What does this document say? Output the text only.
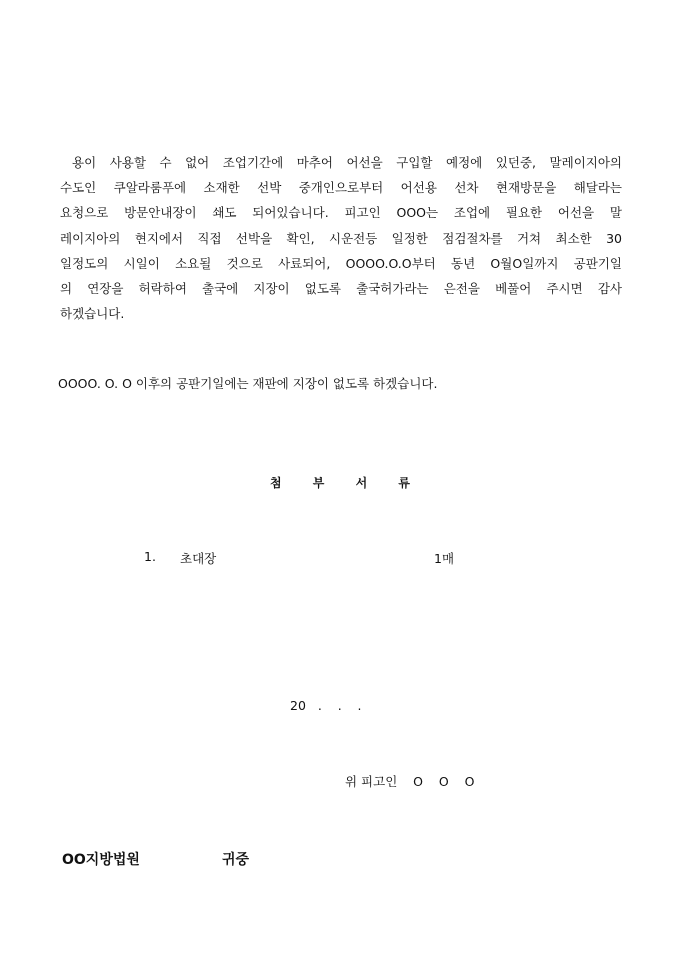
용이 사용할 수 없어 조업기간에 마추어 어선을 구입할 예정에 있던중, 말레이지아의
수도인 쿠알라룸푸에 소재한 선박 중개인으로부터 어선용 선차 현재방문을 해달라는
요청으로 방문안내장이 쇄도 되어있습니다. 피고인 OOO는 조업에 필요한 어선을 말
레이지아의 현지에서 직접 선박을 확인, 시운전등 일정한 점검절차를 거쳐 최소한 30
일정도의 시일이 소요될 것으로 사료되어, OOOO.O.O부터 동년 O월O일까지 공판기일
의 연장을 허락하여 출국에 지장이 없도록 출국허가라는 은전을 베풀어 주시면 감사
하겠습니다.
OOOO. O. O 이후의 공판기일에는 재판에 지장이 없도록 하겠습니다.
첨	부	서	류
1. 초대장	1매
20   .    .    .
위 피고인    O    O    O
OO지방법원	귀중
